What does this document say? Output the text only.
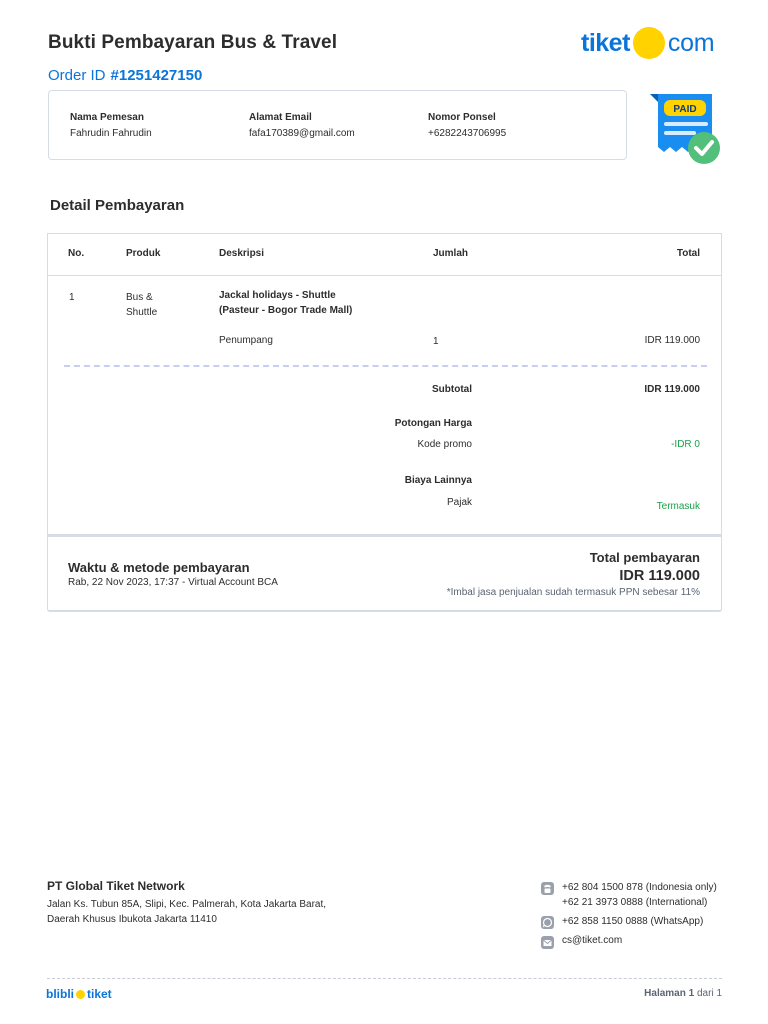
Bukti Pembayaran Bus & Travel
Order ID #1251427150
tiket com
PAID
Nama Pemesan
Fahrudin Fahrudin
Alamat Email
fafa170389@gmail.com
Nomor Ponsel
+6282243706995
Detail Pembayaran
No.	Produk	Deskripsi	Jumlah	Total
1	Bus &
Shuttle
Jackal holidays - Shuttle
(Pasteur - Bogor Trade Mall)
Penumpang	1	IDR 119.000
Subtotal	IDR 119.000
Potongan Harga
Kode promo	-IDR 0
Biaya Lainnya
Pajak	Termasuk
Waktu & metode pembayaran
Rab, 22 Nov 2023, 17:37 - Virtual Account BCA
Total pembayaran
IDR 119.000
*Imbal jasa penjualan sudah termasuk PPN sebesar 11%
PT Global Tiket Network
Jalan Ks. Tubun 85A, Slipi, Kec. Palmerah, Kota Jakarta Barat,
Daerah Khusus Ibukota Jakarta 11410
+62 804 1500 878 (Indonesia only)
+62 21 3973 0888 (International)
+62 858 1150 0888 (WhatsApp)
cs@tiket.com
blibli tiket	Halaman 1 dari 1
